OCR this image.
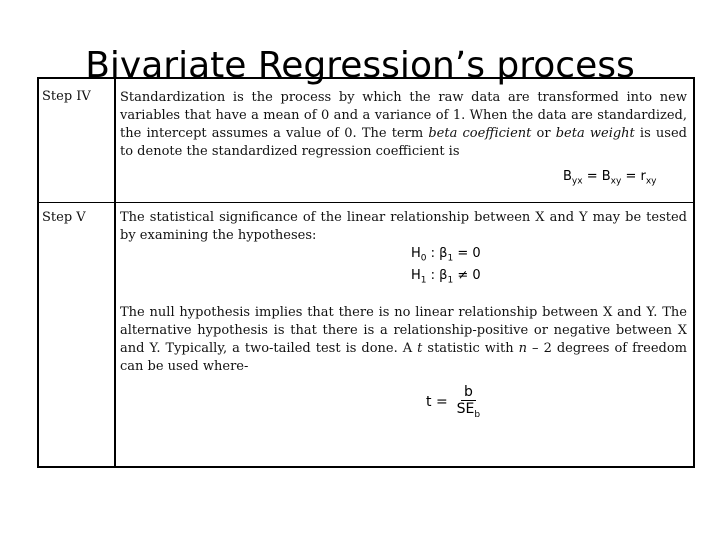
Bivariate Regression’s process
Step IV Standardization is the process by which the raw data are transformed into new variables that have a mean of 0 and a variance of 1. When the data are standardized, the intercept assumes a value of 0. The term beta coefficient or beta weight is used to denote the standardized regression coefficient is
$B_{yx} = B_{xy} = r_{xy}$
Step V	The statistical significance of the linear relationship between X and Y may be tested by examining the hypotheses:
$H_0$ : $\beta_1 = 0$
$H_1$ : $\beta_1 \ne 0$
The null hypothesis implies that there is no linear relationship between X and Y. The alternative hypothesis is that there is a relationship-positive or negative between X and Y. Typically, a two-tailed test is done. A t statistic with n – 2 degrees of freedom can be used where-
$t = \frac{b}{SE_b}$
